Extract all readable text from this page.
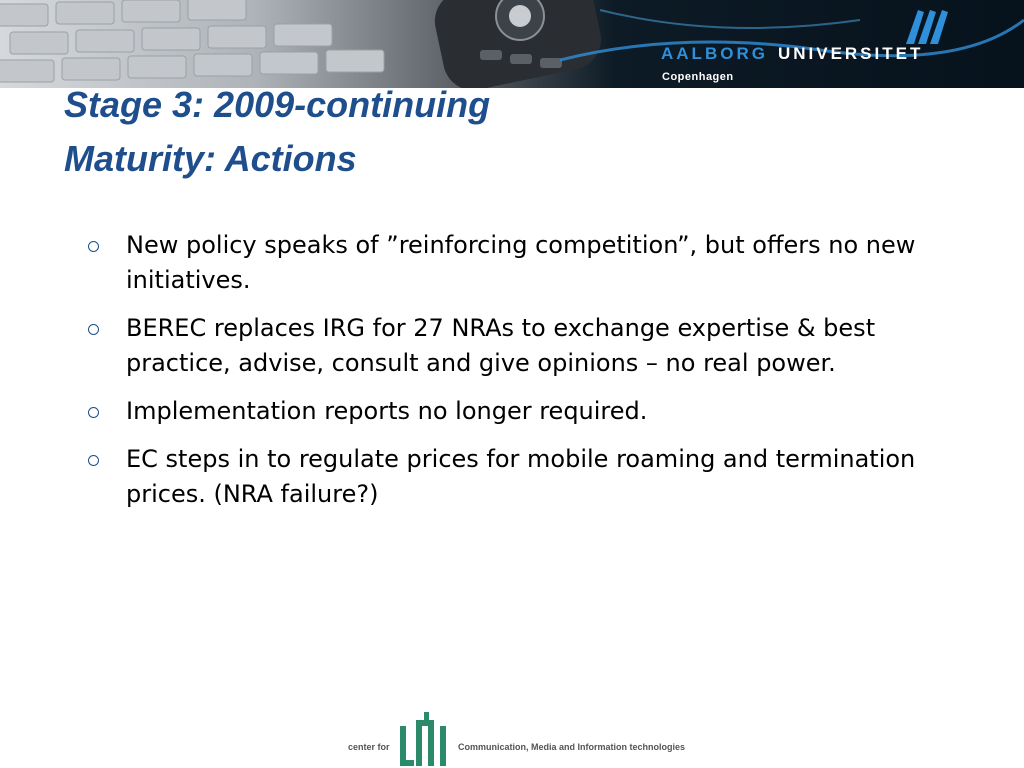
AALBORG UNIVERSITET
Copenhagen
Stage 3: 2009-continuing
Maturity: Actions
New policy speaks of ”reinforcing competition”, but offers no new initiatives.
BEREC replaces IRG for 27 NRAs to exchange expertise & best practice, advise, consult and give opinions – no real power.
Implementation reports no longer required.
EC steps in to regulate prices for mobile roaming and termination prices. (NRA failure?)
center for	Communication, Media and Information technologies
